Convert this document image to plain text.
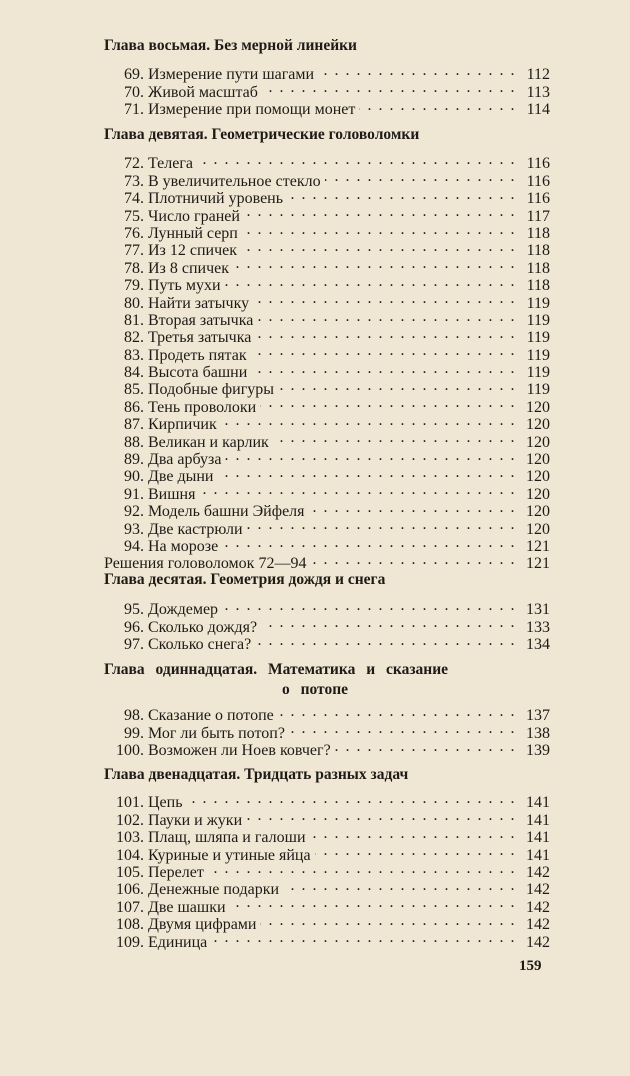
Глава восьмая. Без мерной линейки
69. Измерение пути шагами . . .	112
70. Живой масштаб . . .	113
71. Измерение при помощи монет . . .	114
Глава девятая. Геометрические головоломки
72. Телега . . .	116
73. В увеличительное стекло . . .	116
74. Плотничий уровень . . .	116
75. Число граней . . .	117
76. Лунный серп . . .	118
77. Из 12 спичек . . .	118
78. Из 8 спичек . . .	118
79. Путь мухи . . .	118
80. Найти затычку . . .	119
81. Вторая затычка . . .	119
82. Третья затычка . . .	119
83. Продеть пятак . . .	119
84. Высота башни . . .	119
85. Подобные фигуры . . .	119
86. Тень проволоки . . .	120
87. Кирпичик . . .	120
88. Великан и карлик . . .	120
89. Два арбуза . . .	120
90. Две дыни . . .	120
91. Вишня . . .	120
92. Модель башни Эйфеля . . .	120
93. Две кастрюли . . .	120
94. На морозе . . .	121
Решения головоломок 72—94 . . .	121
Глава десятая. Геометрия дождя и снега
95. Дождемер . . .	131
96. Сколько дождя? . . .	133
97. Сколько снега? . . .	134
Глава одиннадцатая. Математика и сказание
о потопе
98. Сказание о потопе . . .	137
99. Мог ли быть потоп? . . .	138
100. Возможен ли Ноев ковчег? . . .	139
Глава двенадцатая. Тридцать разных задач
101. Цепь . . .	141
102. Пауки и жуки . . .	141
103. Плащ, шляпа и галоши . . .	141
104. Куриные и утиные яйца . . .	141
105. Перелет . . .	142
106. Денежные подарки . . .	142
107. Две шашки . . .	142
108. Двумя цифрами . . .	142
109. Единица . . .	142
159
